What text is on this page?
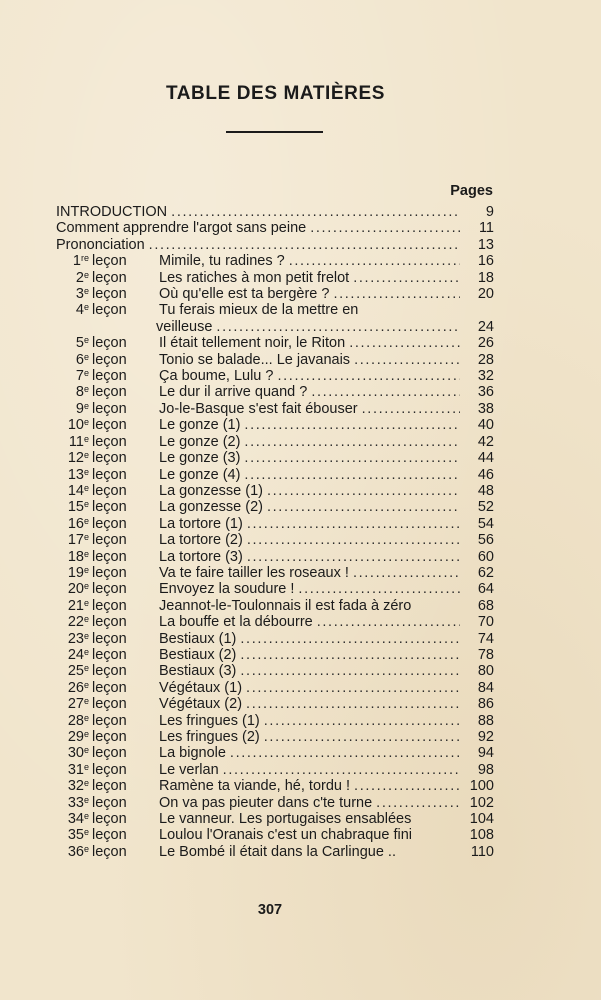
TABLE DES MATIÈRES
Pages
INTRODUCTION . . .	9
Comment apprendre l'argot sans peine . . .	11
Prononciation . . .	13
1re leçon	Mimile, tu radines ? . . .	16
2e leçon	Les ratiches à mon petit frelot . . .	18
3e leçon	Où qu'elle est ta bergère ? . . .	20
4e leçon	Tu ferais mieux de la mettre en
veilleuse . . .	24
5e leçon	Il était tellement noir, le Riton . . .	26
6e leçon	Tonio se balade... Le javanais . . .	28
7e leçon	Ça boume, Lulu ? . . .	32
8e leçon	Le dur il arrive quand ? . . .	36
9e leçon	Jo-le-Basque s'est fait ébouser . . .	38
10e leçon	Le gonze (1) . . .	40
11e leçon	Le gonze (2) . . .	42
12e leçon	Le gonze (3) . . .	44
13e leçon	Le gonze (4) . . .	46
14e leçon	La gonzesse (1) . . .	48
15e leçon	La gonzesse (2) . . .	52
16e leçon	La tortore (1) . . .	54
17e leçon	La tortore (2) . . .	56
18e leçon	La tortore (3) . . .	60
19e leçon	Va te faire tailler les roseaux ! . . .	62
20e leçon	Envoyez la soudure ! . . .	64
21e leçon	Jeannot-le-Toulonnais il est fada à zéro	68
22e leçon	La bouffe et la débourre . . .	70
23e leçon	Bestiaux (1) . . .	74
24e leçon	Bestiaux (2) . . .	78
25e leçon	Bestiaux (3) . . .	80
26e leçon	Végétaux (1) . . .	84
27e leçon	Végétaux (2) . . .	86
28e leçon	Les fringues (1) . . .	88
29e leçon	Les fringues (2) . . .	92
30e leçon	La bignole . . .	94
31e leçon	Le verlan . . .	98
32e leçon	Ramène ta viande, hé, tordu ! . . .	100
33e leçon	On va pas pieuter dans c'te turne . . .	102
34e leçon	Le vanneur. Les portugaises ensablées	104
35e leçon	Loulou l'Oranais c'est un chabraque fini	108
36e leçon	Le Bombé il était dans la Carlingue ..	110
307
